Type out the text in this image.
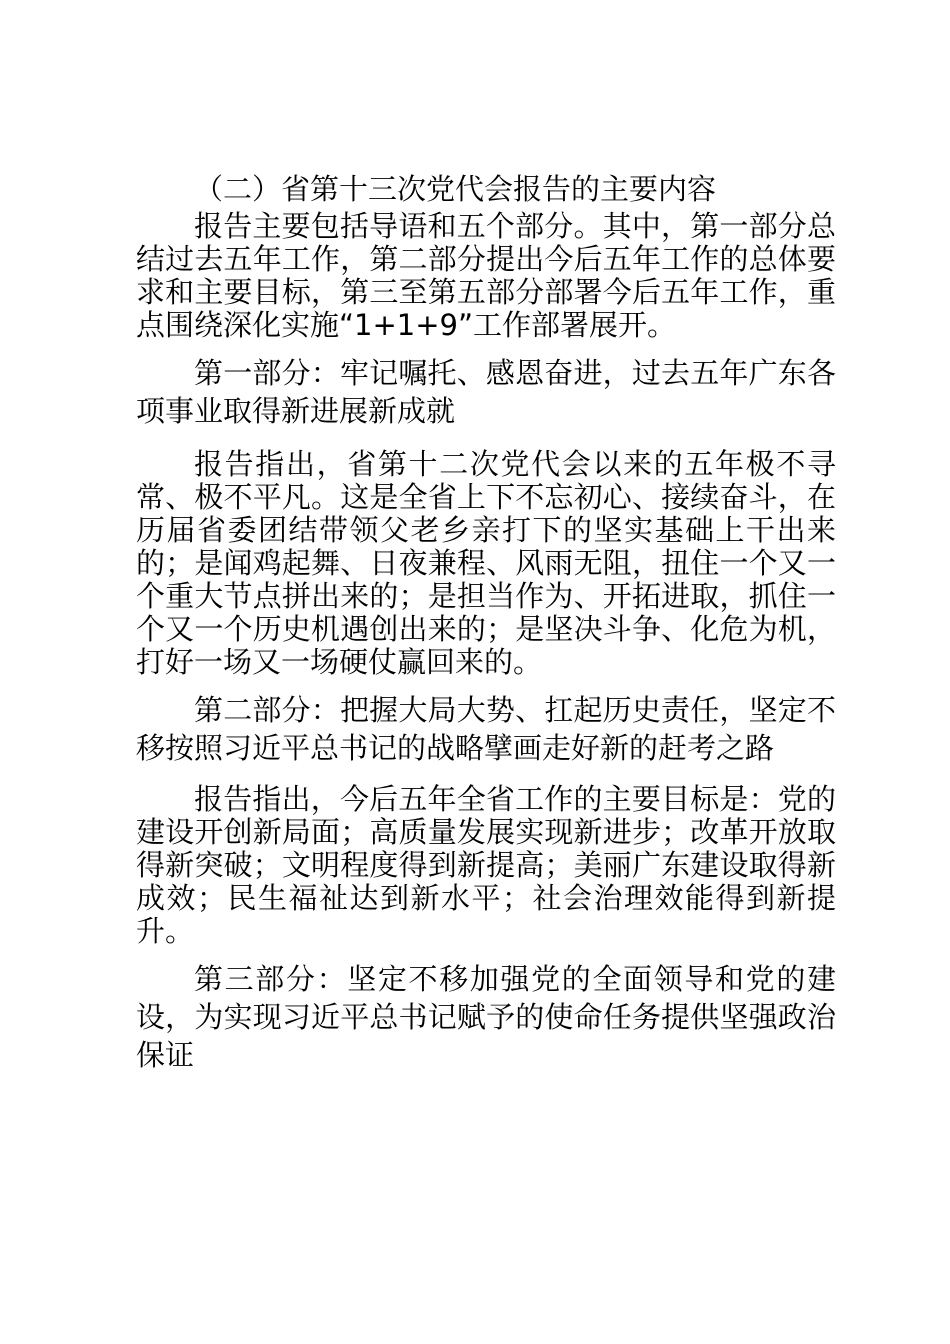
（二）省第十三次党代会报告的主要内容

报告主要包括导语和五个部分。其中，第一部分总结过去五年工作，第二部分提出今后五年工作的总体要求和主要目标，第三至第五部分部署今后五年工作，重点围绕深化实施“1+1+9”工作部署展开。

第一部分：牢记嘱托、感恩奋进，过去五年广东各项事业取得新进展新成就

报告指出，省第十二次党代会以来的五年极不寻常、极不平凡。这是全省上下不忘初心、接续奋斗，在历届省委团结带领父老乡亲打下的坚实基础上干出来的；是闻鸡起舞、日夜兼程、风雨无阻，扭住一个又一个重大节点拼出来的；是担当作为、开拓进取，抓住一个又一个历史机遇创出来的；是坚决斗争、化危为机，打好一场又一场硬仗赢回来的。

第二部分：把握大局大势、扛起历史责任，坚定不移按照习近平总书记的战略擘画走好新的赶考之路

报告指出，今后五年全省工作的主要目标是：党的建设开创新局面；高质量发展实现新进步；改革开放取得新突破；文明程度得到新提高；美丽广东建设取得新成效；民生福祉达到新水平；社会治理效能得到新提升。

第三部分：坚定不移加强党的全面领导和党的建设，为实现习近平总书记赋予的使命任务提供坚强政治保证
